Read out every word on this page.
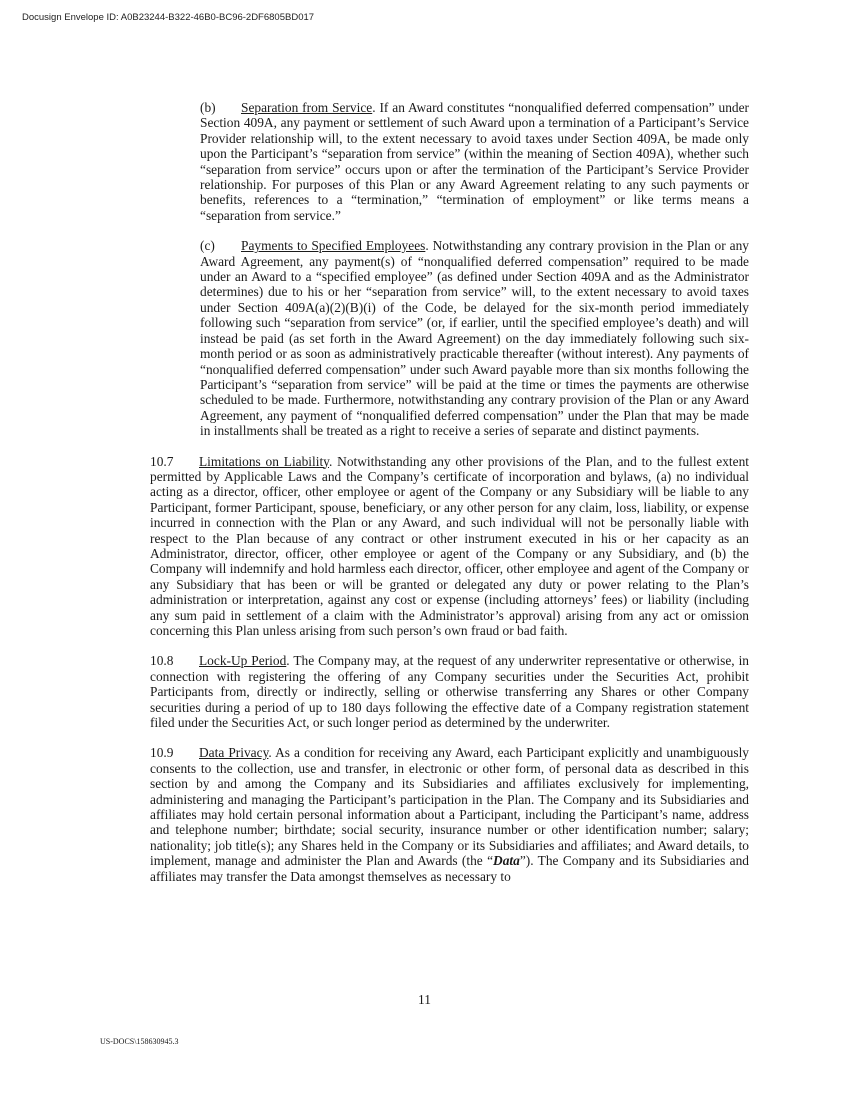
Docusign Envelope ID: A0B23244-B322-46B0-BC96-2DF6805BD017

(b) Separation from Service. If an Award constitutes “nonqualified deferred compensation” under Section 409A, any payment or settlement of such Award upon a termination of a Participant’s Service Provider relationship will, to the extent necessary to avoid taxes under Section 409A, be made only upon the Participant’s “separation from service” (within the meaning of Section 409A), whether such “separation from service” occurs upon or after the termination of the Participant’s Service Provider relationship. For purposes of this Plan or any Award Agreement relating to any such payments or benefits, references to a “termination,” “termination of employment” or like terms means a “separation from service.”

(c) Payments to Specified Employees. Notwithstanding any contrary provision in the Plan or any Award Agreement, any payment(s) of “nonqualified deferred compensation” required to be made under an Award to a “specified employee” (as defined under Section 409A and as the Administrator determines) due to his or her “separation from service” will, to the extent necessary to avoid taxes under Section 409A(a)(2)(B)(i) of the Code, be delayed for the six-month period immediately following such “separation from service” (or, if earlier, until the specified employee’s death) and will instead be paid (as set forth in the Award Agreement) on the day immediately following such six-month period or as soon as administratively practicable thereafter (without interest). Any payments of “nonqualified deferred compensation” under such Award payable more than six months following the Participant’s “separation from service” will be paid at the time or times the payments are otherwise scheduled to be made. Furthermore, notwithstanding any contrary provision of the Plan or any Award Agreement, any payment of “nonqualified deferred compensation” under the Plan that may be made in installments shall be treated as a right to receive a series of separate and distinct payments.

10.7 Limitations on Liability. Notwithstanding any other provisions of the Plan, and to the fullest extent permitted by Applicable Laws and the Company’s certificate of incorporation and bylaws, (a) no individual acting as a director, officer, other employee or agent of the Company or any Subsidiary will be liable to any Participant, former Participant, spouse, beneficiary, or any other person for any claim, loss, liability, or expense incurred in connection with the Plan or any Award, and such individual will not be personally liable with respect to the Plan because of any contract or other instrument executed in his or her capacity as an Administrator, director, officer, other employee or agent of the Company or any Subsidiary, and (b) the Company will indemnify and hold harmless each director, officer, other employee and agent of the Company or any Subsidiary that has been or will be granted or delegated any duty or power relating to the Plan’s administration or interpretation, against any cost or expense (including attorneys’ fees) or liability (including any sum paid in settlement of a claim with the Administrator’s approval) arising from any act or omission concerning this Plan unless arising from such person’s own fraud or bad faith.

10.8 Lock-Up Period. The Company may, at the request of any underwriter representative or otherwise, in connection with registering the offering of any Company securities under the Securities Act, prohibit Participants from, directly or indirectly, selling or otherwise transferring any Shares or other Company securities during a period of up to 180 days following the effective date of a Company registration statement filed under the Securities Act, or such longer period as determined by the underwriter.

10.9 Data Privacy. As a condition for receiving any Award, each Participant explicitly and unambiguously consents to the collection, use and transfer, in electronic or other form, of personal data as described in this section by and among the Company and its Subsidiaries and affiliates exclusively for implementing, administering and managing the Participant’s participation in the Plan. The Company and its Subsidiaries and affiliates may hold certain personal information about a Participant, including the Participant’s name, address and telephone number; birthdate; social security, insurance number or other identification number; salary; nationality; job title(s); any Shares held in the Company or its Subsidiaries and affiliates; and Award details, to implement, manage and administer the Plan and Awards (the “Data”). The Company and its Subsidiaries and affiliates may transfer the Data amongst themselves as necessary to

11
US-DOCS\158630945.3
